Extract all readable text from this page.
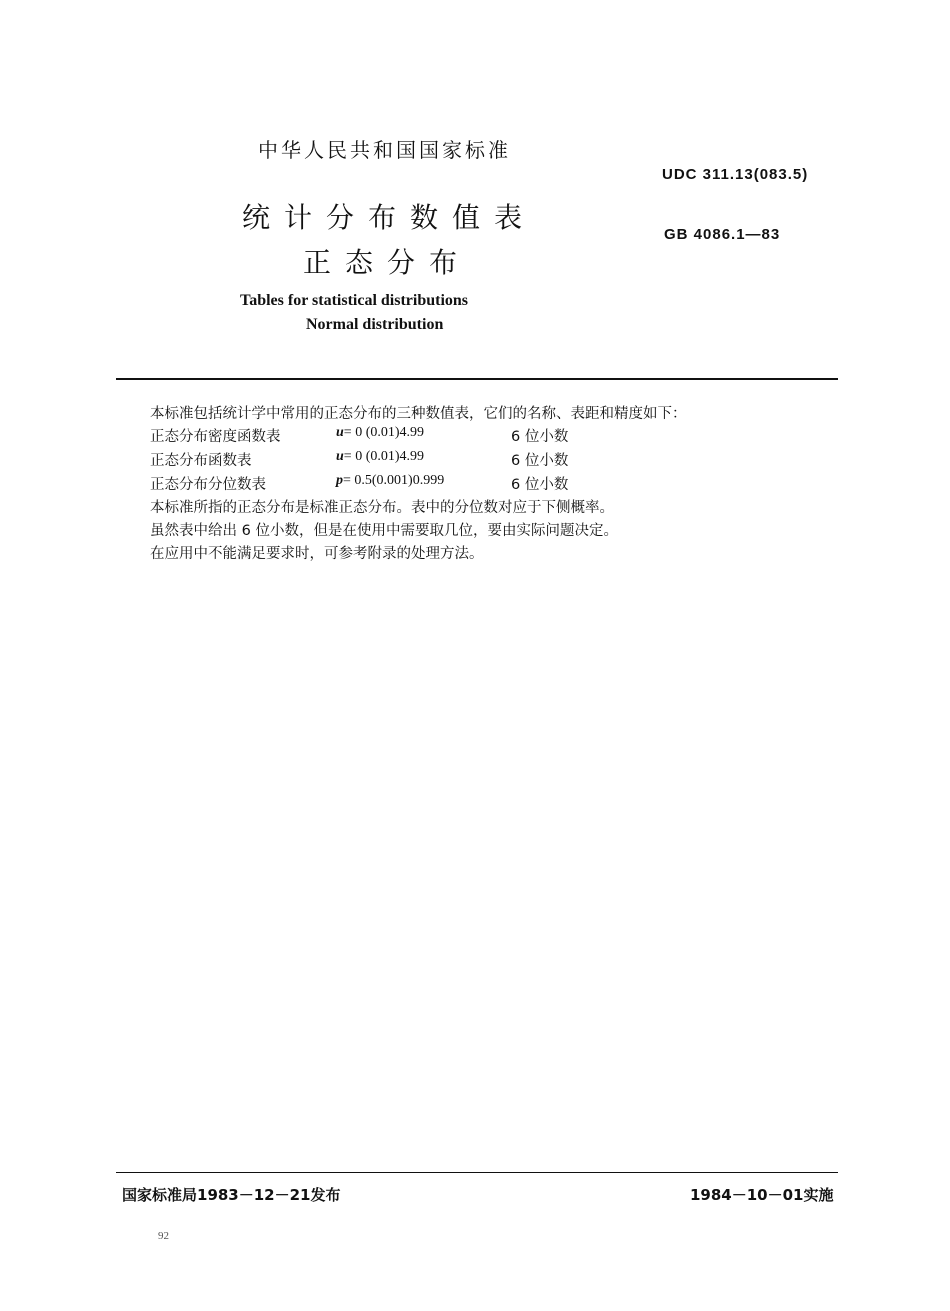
中华人民共和国国家标准
UDC 311.13(083.5)
统计分布数值表
GB 4086.1—83
正态分布
Tables for statistical distributions
Normal distribution
本标准包括统计学中常用的正态分布的三种数值表，它们的名称、表距和精度如下：
正态分布密度函数表	u= 0 (0.01)4.99	6 位小数
正态分布函数表	u= 0 (0.01)4.99	6 位小数
正态分布分位数表	p= 0.5(0.001)0.999	6 位小数
本标准所指的正态分布是标准正态分布。表中的分位数对应于下侧概率。
虽然表中给出 6 位小数，但是在使用中需要取几位，要由实际问题决定。
在应用中不能满足要求时，可参考附录的处理方法。
国家标准局1983－12－21发布	1984－10－01实施
92
